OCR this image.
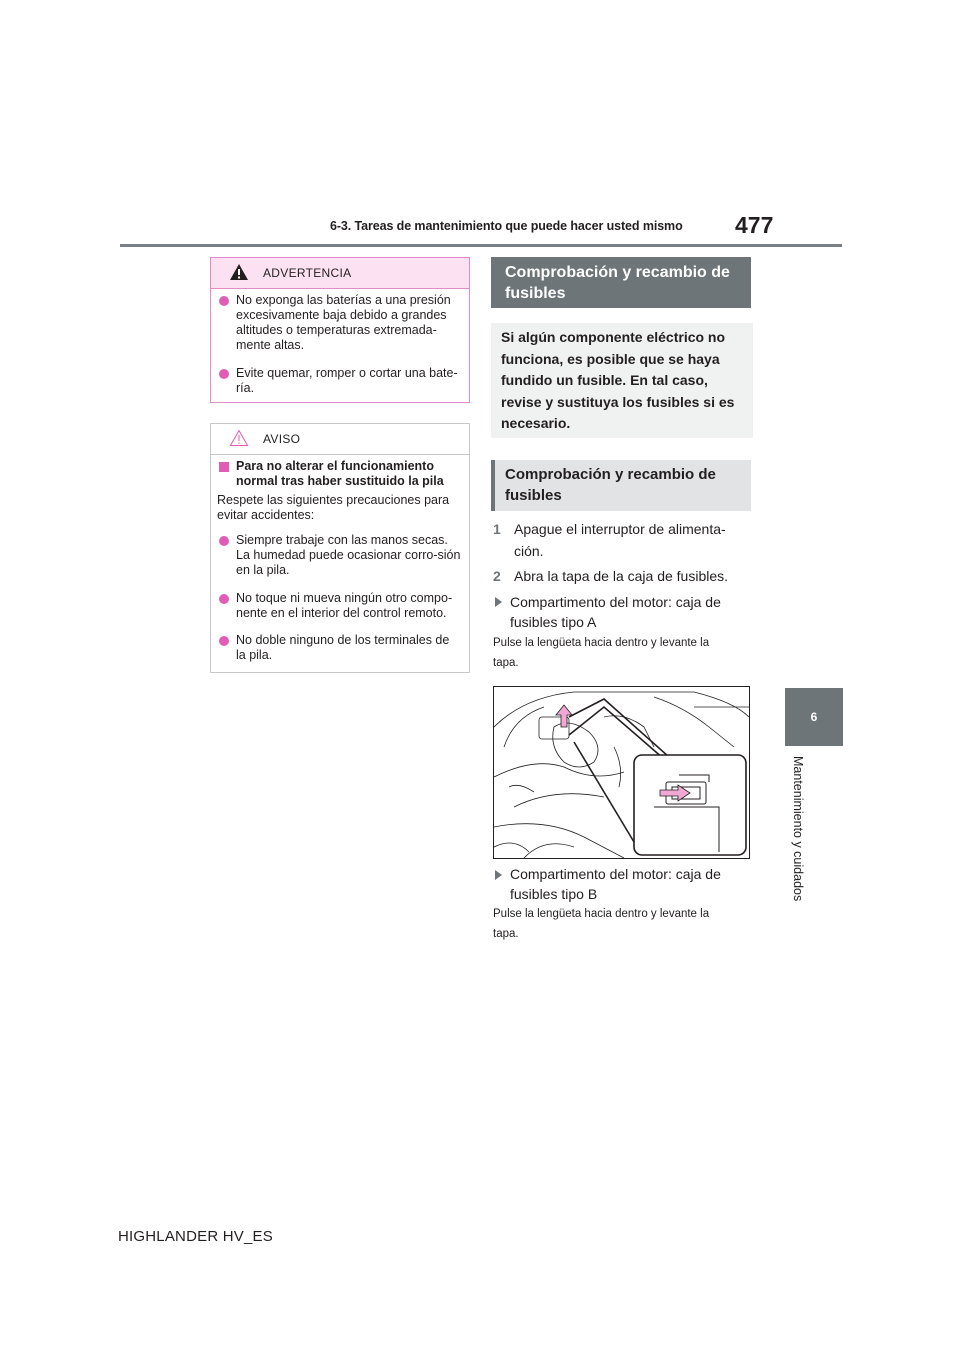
6-3. Tareas de mantenimiento que puede hacer usted mismo 477
6
Mantenimiento y cuidados
ADVERTENCIA
No exponga las baterías a una presión excesivamente baja debido a grandes altitudes o temperaturas extremada-mente altas.
Evite quemar, romper o cortar una bate-ría.
AVISO
Para no alterar el funcionamiento normal tras haber sustituido la pila
Respete las siguientes precauciones para evitar accidentes:
Siempre trabaje con las manos secas. La humedad puede ocasionar corro-sión en la pila.
No toque ni mueva ningún otro compo-nente en el interior del control remoto.
No doble ninguno de los terminales de la pila.
Comprobación y recambio de fusibles
Si algún componente eléctrico no funciona, es posible que se haya fundido un fusible. En tal caso, revise y sustituya los fusibles si es necesario.
Comprobación y recambio de fusibles
1 Apague el interruptor de alimenta-
ción.
2 Abra la tapa de la caja de fusibles.
Compartimento del motor: caja de
fusibles tipo A
Pulse la lengüeta hacia dentro y levante la
tapa.
Compartimento del motor: caja de
fusibles tipo B
Pulse la lengüeta hacia dentro y levante la
tapa.
HIGHLANDER HV_ES
